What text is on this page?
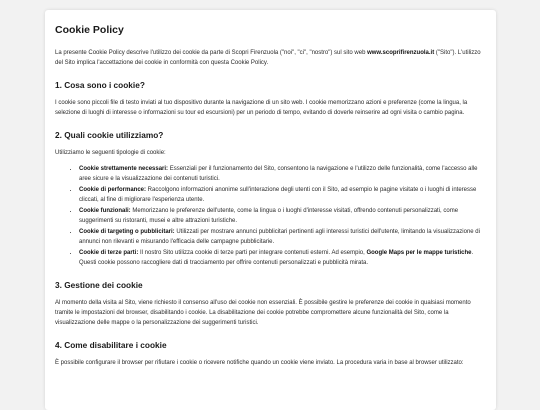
Cookie Policy

La presente Cookie Policy descrive l'utilizzo dei cookie da parte di Scopri Firenzuola ("noi", "ci", "nostro") sul sito web www.scoprifirenzuola.it ("Sito"). L'utilizzo del Sito implica l'accettazione dei cookie in conformità con questa Cookie Policy.

1. Cosa sono i cookie?

I cookie sono piccoli file di testo inviati al tuo dispositivo durante la navigazione di un sito web. I cookie memorizzano azioni e preferenze (come la lingua, la selezione di luoghi di interesse o informazioni su tour ed escursioni) per un periodo di tempo, evitando di doverle reinserire ad ogni visita o cambio pagina.

2. Quali cookie utilizziamo?

Utilizziamo le seguenti tipologie di cookie:

• Cookie strettamente necessari: Essenziali per il funzionamento del Sito, consentono la navigazione e l'utilizzo delle funzionalità, come l'accesso alle aree sicure e la visualizzazione dei contenuti turistici.
• Cookie di performance: Raccolgono informazioni anonime sull'interazione degli utenti con il Sito, ad esempio le pagine visitate o i luoghi di interesse cliccati, al fine di migliorare l'esperienza utente.
• Cookie funzionali: Memorizzano le preferenze dell'utente, come la lingua o i luoghi d'interesse visitati, offrendo contenuti personalizzati, come suggerimenti su ristoranti, musei e altre attrazioni turistiche.
• Cookie di targeting o pubblicitari: Utilizzati per mostrare annunci pubblicitari pertinenti agli interessi turistici dell'utente, limitando la visualizzazione di annunci non rilevanti e misurando l'efficacia delle campagne pubblicitarie.
• Cookie di terze parti: Il nostro Sito utilizza cookie di terze parti per integrare contenuti esterni. Ad esempio, Google Maps per le mappe turistiche. Questi cookie possono raccogliere dati di tracciamento per offrire contenuti personalizzati e pubblicità mirata.
3. Gestione dei cookie

Al momento della visita al Sito, viene richiesto il consenso all'uso dei cookie non essenziali. È possibile gestire le preferenze dei cookie in qualsiasi momento tramite le impostazioni del browser, disabilitando i cookie. La disabilitazione dei cookie potrebbe compromettere alcune funzionalità del Sito, come la visualizzazione delle mappe o la personalizzazione dei suggerimenti turistici.

4. Come disabilitare i cookie

È possibile configurare il browser per rifiutare i cookie o ricevere notifiche quando un cookie viene inviato. La procedura varia in base al browser utilizzato:
